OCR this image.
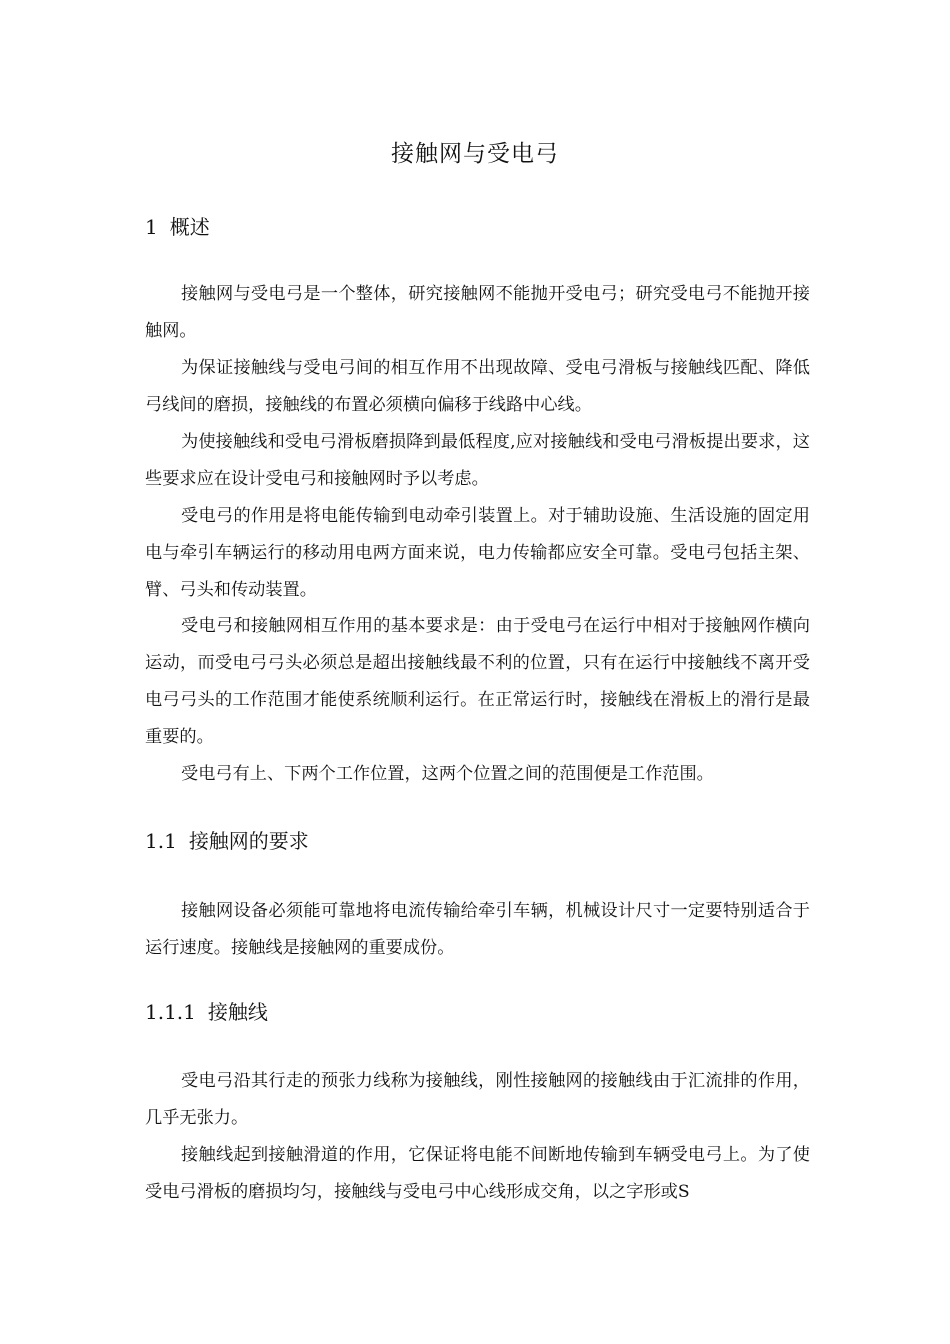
接触网与受电弓
1 概述

接触网与受电弓是一个整体，研究接触网不能抛开受电弓；研究受电弓不能抛开接触网。

为保证接触线与受电弓间的相互作用不出现故障、受电弓滑板与接触线匹配、降低弓线间的磨损，接触线的布置必须横向偏移于线路中心线。

为使接触线和受电弓滑板磨损降到最低程度,应对接触线和受电弓滑板提出要求，这些要求应在设计受电弓和接触网时予以考虑。

受电弓的作用是将电能传输到电动牵引装置上。对于辅助设施、生活设施的固定用电与牵引车辆运行的移动用电两方面来说，电力传输都应安全可靠。受电弓包括主架、臂、弓头和传动装置。

受电弓和接触网相互作用的基本要求是：由于受电弓在运行中相对于接触网作横向运动，而受电弓弓头必须总是超出接触线最不利的位置，只有在运行中接触线不离开受电弓弓头的工作范围才能使系统顺利运行。在正常运行时，接触线在滑板上的滑行是最重要的。

受电弓有上、下两个工作位置，这两个位置之间的范围便是工作范围。

1.1 接触网的要求

接触网设备必须能可靠地将电流传输给牵引车辆，机械设计尺寸一定要特别适合于运行速度。接触线是接触网的重要成份。

1.1.1 接触线

受电弓沿其行走的预张力线称为接触线，刚性接触网的接触线由于汇流排的作用，几乎无张力。

接触线起到接触滑道的作用，它保证将电能不间断地传输到车辆受电弓上。为了使受电弓滑板的磨损均匀，接触线与受电弓中心线形成交角，以之字形或S
